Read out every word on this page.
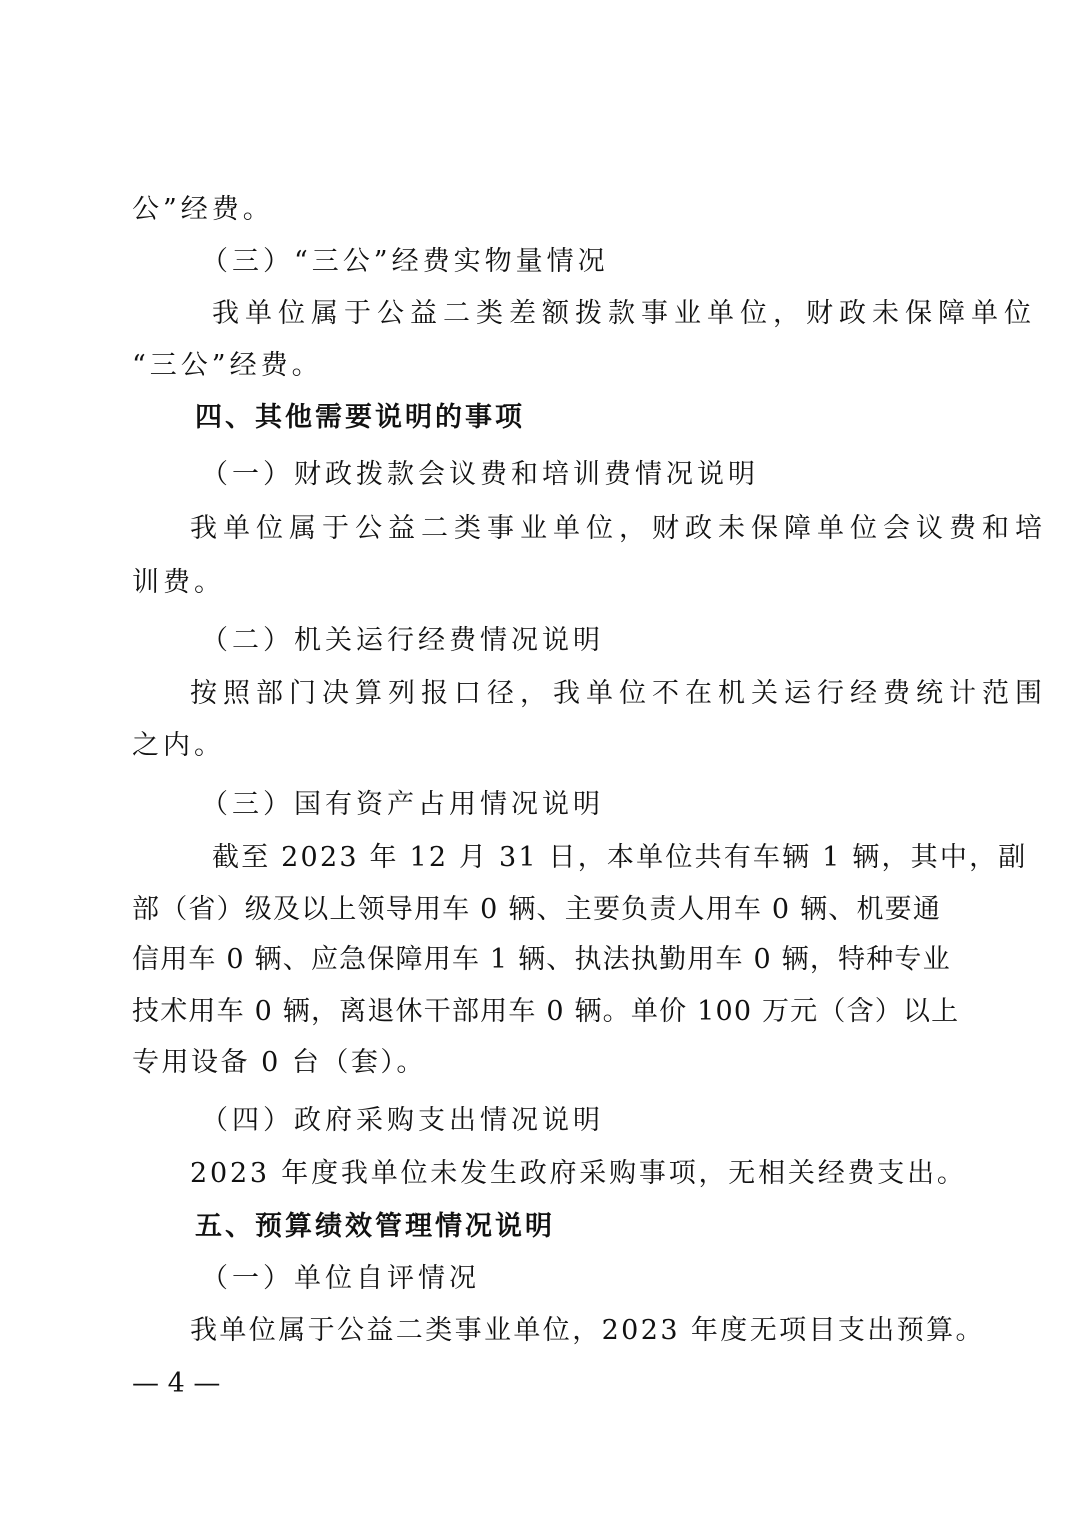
公”经费。
（三）“三公”经费实物量情况
我单位属于公益二类差额拨款事业单位，财政未保障单位
“三公”经费。
四、其他需要说明的事项
（一）财政拨款会议费和培训费情况说明
我单位属于公益二类事业单位，财政未保障单位会议费和培
训费。
（二）机关运行经费情况说明
按照部门决算列报口径，我单位不在机关运行经费统计范围
之内。
（三）国有资产占用情况说明
截至 2023 年 12 月 31 日，本单位共有车辆 1 辆，其中，副
部（省）级及以上领导用车 0 辆、主要负责人用车 0 辆、机要通
信用车 0 辆、应急保障用车 1 辆、执法执勤用车 0 辆，特种专业
技术用车 0 辆，离退休干部用车 0 辆。单价 100 万元（含）以上
专用设备 0 台（套）。
（四）政府采购支出情况说明
2023 年度我单位未发生政府采购事项，无相关经费支出。
五、预算绩效管理情况说明
（一）单位自评情况
我单位属于公益二类事业单位，2023 年度无项目支出预算。
— 4 —
